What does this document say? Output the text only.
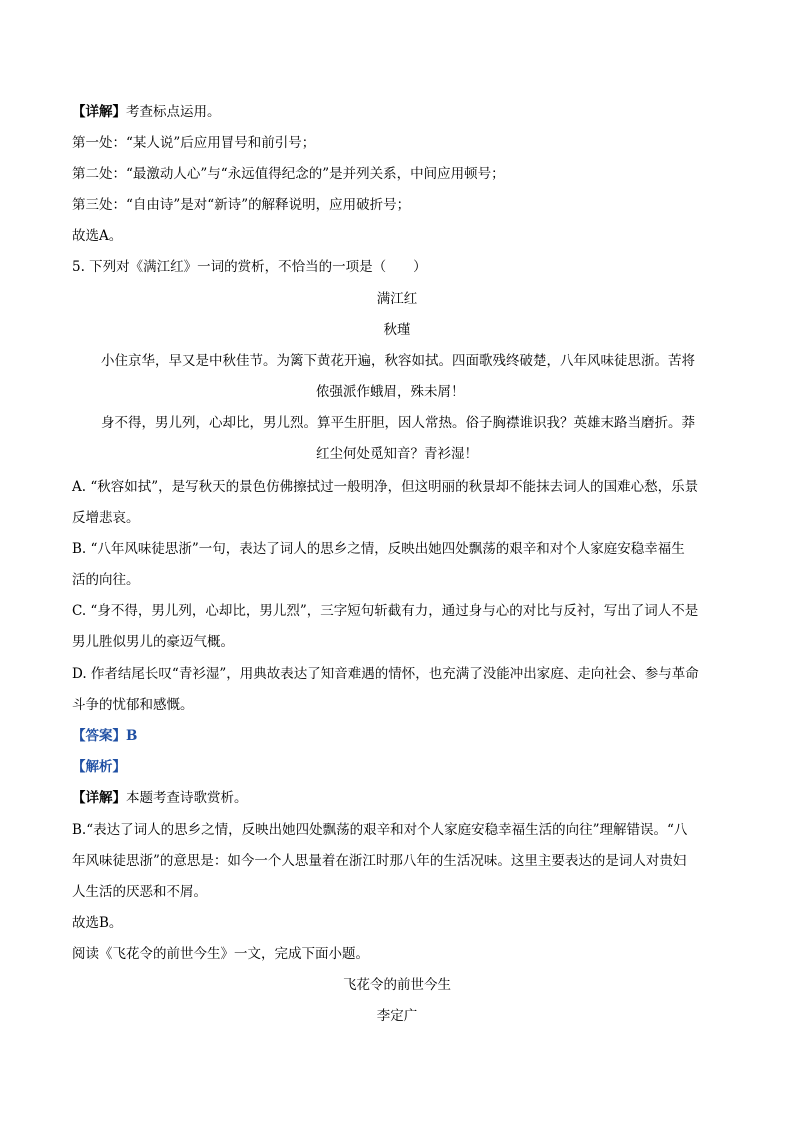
【详解】考查标点运用。
第一处：“某人说”后应用冒号和前引号；
第二处：“最激动人心”与“永远值得纪念的”是并列关系，中间应用顿号；
第三处：“自由诗”是对“新诗”的解释说明，应用破折号；
故选A。
5. 下列对《满江红》一词的赏析，不恰当的一项是（　　）
满江红
秋瑾
小住京华，早又是中秋佳节。为篱下黄花开遍，秋容如拭。四面歌残终破楚，八年风味徒思浙。苦将
侬强派作蛾眉，殊未屑！
身不得，男儿列，心却比，男儿烈。算平生肝胆，因人常热。俗子胸襟谁识我？英雄末路当磨折。莽
红尘何处觅知音？青衫湿！
A. “秋容如拭”，是写秋天的景色仿佛擦拭过一般明净，但这明丽的秋景却不能抹去词人的国难心愁，乐景
反增悲哀。
B. “八年风味徒思浙”一句，表达了词人的思乡之情，反映出她四处飘荡的艰辛和对个人家庭安稳幸福生
活的向往。
C. “身不得，男儿列，心却比，男儿烈”，三字短句斩截有力，通过身与心的对比与反衬，写出了词人不是
男儿胜似男儿的豪迈气概。
D. 作者结尾长叹“青衫湿”，用典故表达了知音难遇的情怀，也充满了没能冲出家庭、走向社会、参与革命
斗争的忧郁和感慨。
【答案】B
【解析】
【详解】本题考查诗歌赏析。
B.“表达了词人的思乡之情，反映出她四处飘荡的艰辛和对个人家庭安稳幸福生活的向往”理解错误。“八
年风味徒思浙”的意思是：如今一个人思量着在浙江时那八年的生活况味。这里主要表达的是词人对贵妇
人生活的厌恶和不屑。
故选B。
阅读《飞花令的前世今生》一文，完成下面小题。
飞花令的前世今生
李定广
